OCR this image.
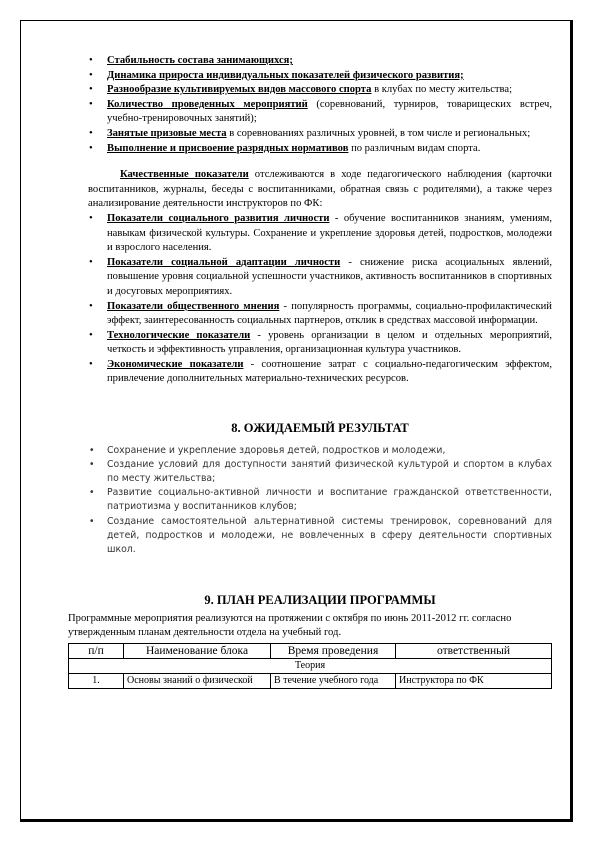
• Стабильность состава занимающихся;
• Динамика прироста индивидуальных показателей физического развития;
• Разнообразие культивируемых видов массового спорта в клубах по месту жительства;
• Количество проведенных мероприятий (соревнований, турниров, товарищеских встреч, учебно-тренировочных занятий);
• Занятые призовые места в соревнованиях различных уровней, в том числе и региональных;
• Выполнение и присвоение разрядных нормативов по различным видам спорта.

Качественные показатели отслеживаются в ходе педагогического наблюдения (карточки воспитанников, журналы, беседы с воспитанниками, обратная связь с родителями), а также через анализирование деятельности инструкторов по ФК:

• Показатели социального развития личности - обучение воспитанников знаниям, умениям, навыкам физической культуры. Сохранение и укрепление здоровья детей, подростков, молодежи и взрослого населения.
• Показатели социальной адаптации личности - снижение риска асоциальных явлений, повышение уровня социальной успешности участников, активность воспитанников в спортивных и досуговых мероприятиях.
• Показатели общественного мнения - популярность программы, социально-профилактический эффект, заинтересованность социальных партнеров, отклик в средствах массовой информации.
• Технологические показатели - уровень организации в целом и отдельных мероприятий, четкость и эффективность управления, организационная культура участников.
• Экономические показатели - соотношение затрат с социально-педагогическим эффектом, привлечение дополнительных материально-технических ресурсов.
8. ОЖИДАЕМЫЙ РЕЗУЛЬТАТ
• Сохранение и укрепление здоровья детей, подростков и молодежи,
• Создание условий для доступности занятий физической культурой и спортом в клубах по месту жительства;
• Развитие социально-активной личности и воспитание гражданской ответственности, патриотизма у воспитанников клубов;
• Создание самостоятельной альтернативной системы тренировок, соревнований для детей, подростков и молодежи, не вовлеченных в сферу деятельности спортивных школ.
9. ПЛАН РЕАЛИЗАЦИИ ПРОГРАММЫ
Программные мероприятия реализуются на протяжении с октября по июнь 2011-2012 гг. согласно утвержденным планам деятельности отдела на учебный год.
п/п	Наименование блока	Время проведения	ответственный
Теория			
1.	Основы знаний о физической	В течение учебного года	Инструктора по ФК
